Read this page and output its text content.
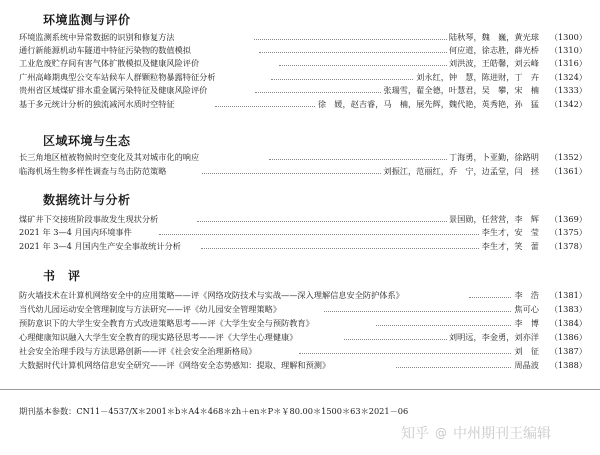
环境监测与评价
环境监测系统中异常数据的识别和修复方法	陆秋琴，魏　巍，黄光球	（1300）
通行新能源机动车隧道中特征污染物的数值模拟	何应道，徐志胜，薛光桥	（1310）
工业危废贮存间有害气体扩散模拟及健康风险评价	刘洪波，王皓馨，刘云峰	（1316）
广州高峰期典型公交车站候车人群颗粒物暴露特征分析	刘永红，钟　慧，陈进财，丁　卉	（1324）
贵州省区域煤矿排水重金属污染特征及健康风险评价	张瑞雪，翟全德，叶慧君，吴　攀，宋　楠	（1333）
基于多元统计分析的独流减河水质时空特征	徐　媛，赵吉睿，马　楠，展先辉，魏代艳，英秀艳，孙　猛	（1342）
区域环境与生态
长三角地区植被物候时空变化及其对城市化的响应	丁海勇，卜亚勤，徐路明	（1352）
临海机场生物多样性调查与鸟击防范策略	刘振江，范丽红，乔　宁，边孟堂，闫　拯	（1361）
数据统计与分析
煤矿井下交接班阶段事故发生现状分析	景国勋，任营营，李　辉	（1369）
2021 年 3—4 月国内环境事件	李生才，安　莹	（1375）
2021 年 3—4 月国内生产安全事故统计分析	李生才，笑　蕾	（1378）
书　评
防火墙技术在计算机网络安全中的应用策略——评《网络攻防技术与实战——深入理解信息安全防护体系》	李　浩	（1381）
当代幼儿园运动安全管理制度与方法研究——评《幼儿园安全管理策略》	焦可心	（1383）
预防意识下的大学生安全教育方式改进策略思考——评《大学生安全与预防教育》	李　博	（1384）
心理健康知识融入大学生安全教育的现实路径思考——评《大学生心理健康》	刘明远，李金勇，刘亦洋	（1386）
社会安全治理手段与方法思路创新——评《社会安全治理新格局》	刘　征	（1387）
大数据时代计算机网络信息安全研究——评《网络安全态势感知：提取、理解和预测》	周晶波	（1388）
期刊基本参数：CN11－4537/X＊2001＊b＊A4＊468＊zh＋en＊P＊￥80.00＊1500＊63＊2021－06
知乎 @ 中州期刊王编辑
